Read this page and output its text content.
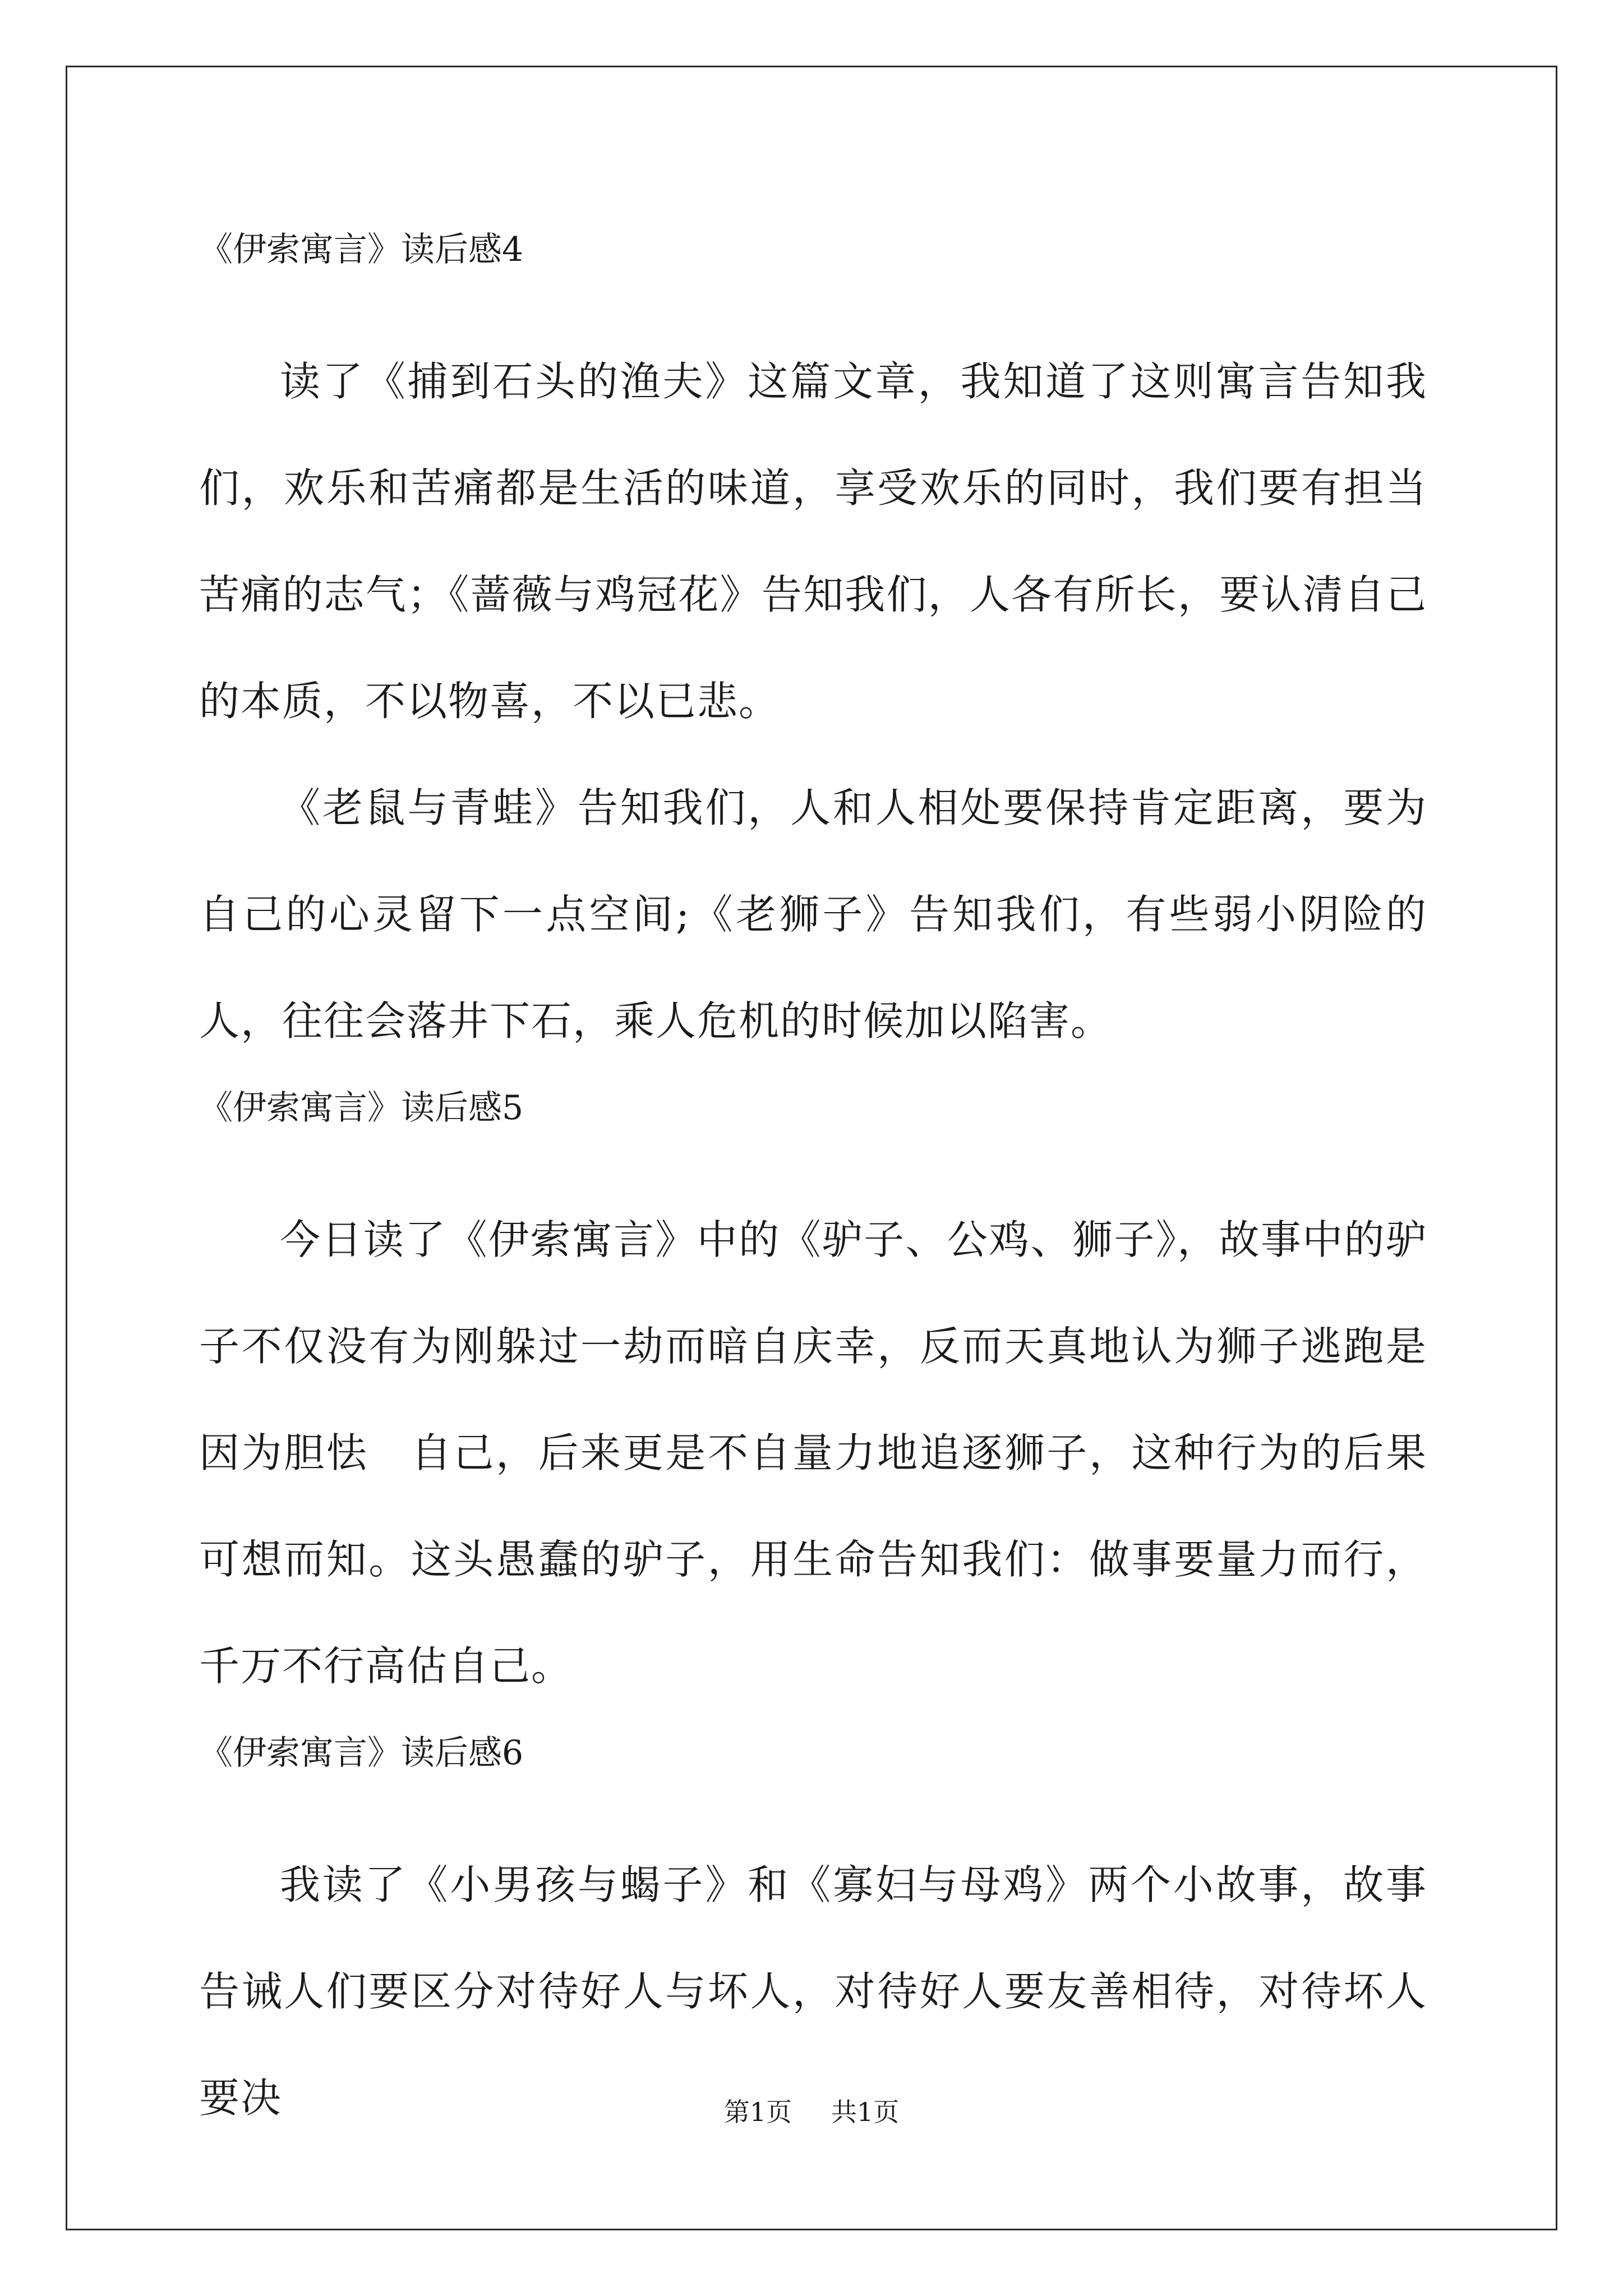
《伊索寓言》读后感4

读了《捕到石头的渔夫》这篇文章，我知道了这则寓言告知我们，欢乐和苦痛都是生活的味道，享受欢乐的同时，我们要有担当苦痛的志气；《蔷薇与鸡冠花》告知我们，人各有所长，要认清自己的本质，不以物喜，不以已悲。

《老鼠与青蛙》告知我们，人和人相处要保持肯定距离，要为自己的心灵留下一点空间;《老狮子》告知我们，有些弱小阴险的人，往往会落井下石，乘人危机的时候加以陷害。

《伊索寓言》读后感5

今日读了《伊索寓言》中的《驴子、公鸡、狮子》，故事中的驴子不仅没有为刚躲过一劫而暗自庆幸，反而天真地认为狮子逃跑是因为胆怯　自己，后来更是不自量力地追逐狮子，这种行为的后果可想而知。这头愚蠢的驴子，用生命告知我们：做事要量力而行，千万不行高估自己。

《伊索寓言》读后感6

我读了《小男孩与蝎子》和《寡妇与母鸡》两个小故事，故事告诫人们要区分对待好人与坏人，对待好人要友善相待，对待坏人要决	第1页 共1页
